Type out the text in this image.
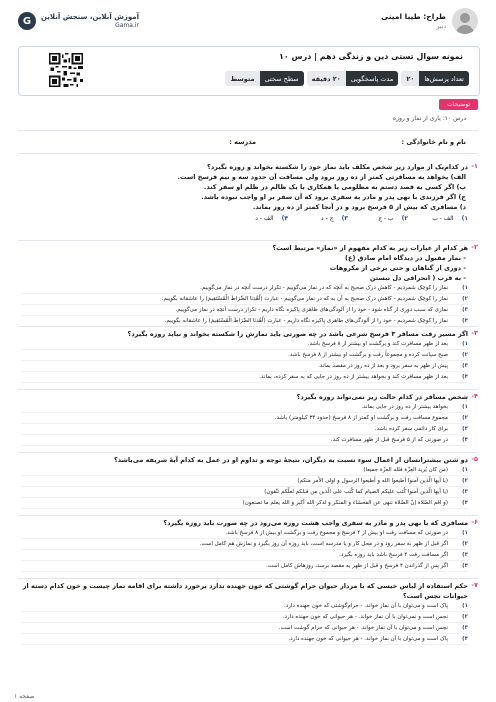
طراح: طیبا امینی
دبیر
G	آموزش آنلاین، سنجش آنلاین
Gama.ir
نمونه سوال تستی دین و زندگی دهم | درس ۱۰
تعداد پرسش‌ها
۲۰
مدت پاسخگویی
۲۰ دقیقه
سطح سختی
متوسط
توضیحات
درس ۱۰: یاری از نماز و روزه
نام و نام خانوادگی :
مدرسه :
۱-
در کدام‌یک از موارد زیر شخص مکلف باید نماز خود را شکسته بخواند و روزه بگیرد؟
الف) بخواهد به مسافرتی کمتر از ده روز برود ولی مسافت آن حدود سه و نیم فرسخ است.
ب) اگر کسی به قصد دستم به مظلومی یا همکاری با یک ظالم در ظلم او سفر کند.
ج) اگر فرزندی با نهی پدر و مادر به سفری برود که آن سفر بر او واجب نبوده باشد.
د) مسافری که بیش از ۵ فرسخ برود و در آنجا کمتر از ده روز بماند.
۱)
الف - ب
۲)
ب - ج
۳)
ج - د
۴)
الف - د
۲-
هر کدام از عبارات زیر به کدام مفهوم از «نماز» مرتبط است؟
- نماز مقبول در دیدگاه امام صادق (ع)
- دوری از گناهان و حتی برخی از مکروهات
- به قرب ( انحرافی دل نبستن
۱)
نماز را کوچک شمردیم - کاهش درک صحیح به آنچه که در نماز می‌گوییم - تکرار درست آنچه در نماز می‌گوییم.
۲)
نماز را کوچک شمردیم - کاهش درک صحیح به آن به که در نماز می‌گوییم - عبارت (اُهْدِنَا الصِّرَاطَ الْمُسْتَقِیمَ) را عاشقانه بگوییم.
۳)
نمازی که سبب دوری از گناه شود - خود را از آلودگی‌های ظاهری پاکیزه نگاه داریم - تکرار درست آنچه در نماز می‌گوییم.
۴)
نماز را کوچک شمردیم - خود را از آلودگی‌های ظاهری پاکیزه نگاه داریم - عبارت (اُهْدِنَا الصِّرَاطَ الْمُسْتَقِیمَ) را عاشقانه بگوییم.
۳-
اگر مسیر رفت مسافر ۳ فرسخ شرعی باشد در چه صورتی باید نمازش را شکسته بخواند و نباید روزه بگیرد؟
۱)
بعد از ظهر مسافرت کند و برگشت او بیشتر از ۸ فرسخ باشد.
۲)
صبح سپانت کرده و مجموعاً رفت و برگشت او بیشتر از ۸ فرسخ باشد.
۳)
پیش از ظهر به سفر برود و بعد از ده روز در مقصد بماند.
۴)
بعد از ظهر مسافرت کند و بخواهد بیشتر از ده روز در جایی که به سفر کرده، بماند.
۴-
شخص مسافر در کدام حالت زیر نمی‌تواند روزه بگیرد؟
۱)
بخواهد بیشتر از ده روز در جایی بماند.
۲)
مجموع مسافت رفت و برگشت او کمتر از ۸ فرسخ (حدود ۳۴ کیلومتر) باشد.
۳)
برای کار دائمی سفر کرده باشد.
۴)
در صورتی که از ۵ فرسخ قبل از ظهر مسافرت کند.
۵-
دو شتن بیشترانسان از اعمال سوء نسبت به دیگران، نتیجهٔ توجه و تداوم او در عمل به کدام آیهٔ شریفه می‌باشد؟
۱)
(من کان یُرید العِزّة فلله العزّة جمیعا)
۲)
(یا أیها الّذین آمنوا أطیعوا الله و أطیعوا الرسول و اولی الأمر منکم)
۳)
(یا أیها الّذین آمنوا کُتب علیکم الصیام کما کُتب علی الّذین من قبلکم لعلّکم تتّقون)
۴)
(و اقم الصّلاة إنّ الصّلاة تنهی عن الفحشاء و المنکر و لذکر الله أکبر و الله یعلم ما تصنعون)
۶-
مسافری که با نهی پدر و مادر به سفری واجب هشت روزه می‌رود در چه صورت باید روزه بگیرد؟
۱)
در صورتی که مسافت رفت او بیش از ۴ فرسخ و مجموع رفت و برگشت او بیش از ۸ فرسخ باشد.
۲)
اگر قبل از ظهر به سفر رود و در محل کار و یا مدرسه است، باید روزه آن روز بگیرد و نمازش هم کامل است.
۳)
اگر مسافت رفت ۴ فرسخ باشد باید روزه بگیرد.
۴)
اگر پس از گذراندن ۴ فرسخ و قبل از ظهر به مقصد برسد، روزهاش کامل است.
۷-
حکم استفاده از لباس خیسی که با مردار حیوان حرام گوشتی که خون جهنده ندارد برخورد داشته برای اقامه نماز چیست و خون کدام دسته از حیوانات نجس است؟
۱)
پاک است و می‌توان با آن نماز خواند. - حرام‌گوشتی که خون جهنده دارد.
۲)
نجس است و نمی‌توان با آن نماز خواند. - هر حیوانی که خون جهنده دارد.
۳)
نجس است و می‌توان با آن نماز خواند. - هر حیوانی که حرام گوشت است.
۴)
پاک است و می‌توان با آن نماز خواند. - هر حیوانی که خون جهنده دارد.
صفحه ۱
